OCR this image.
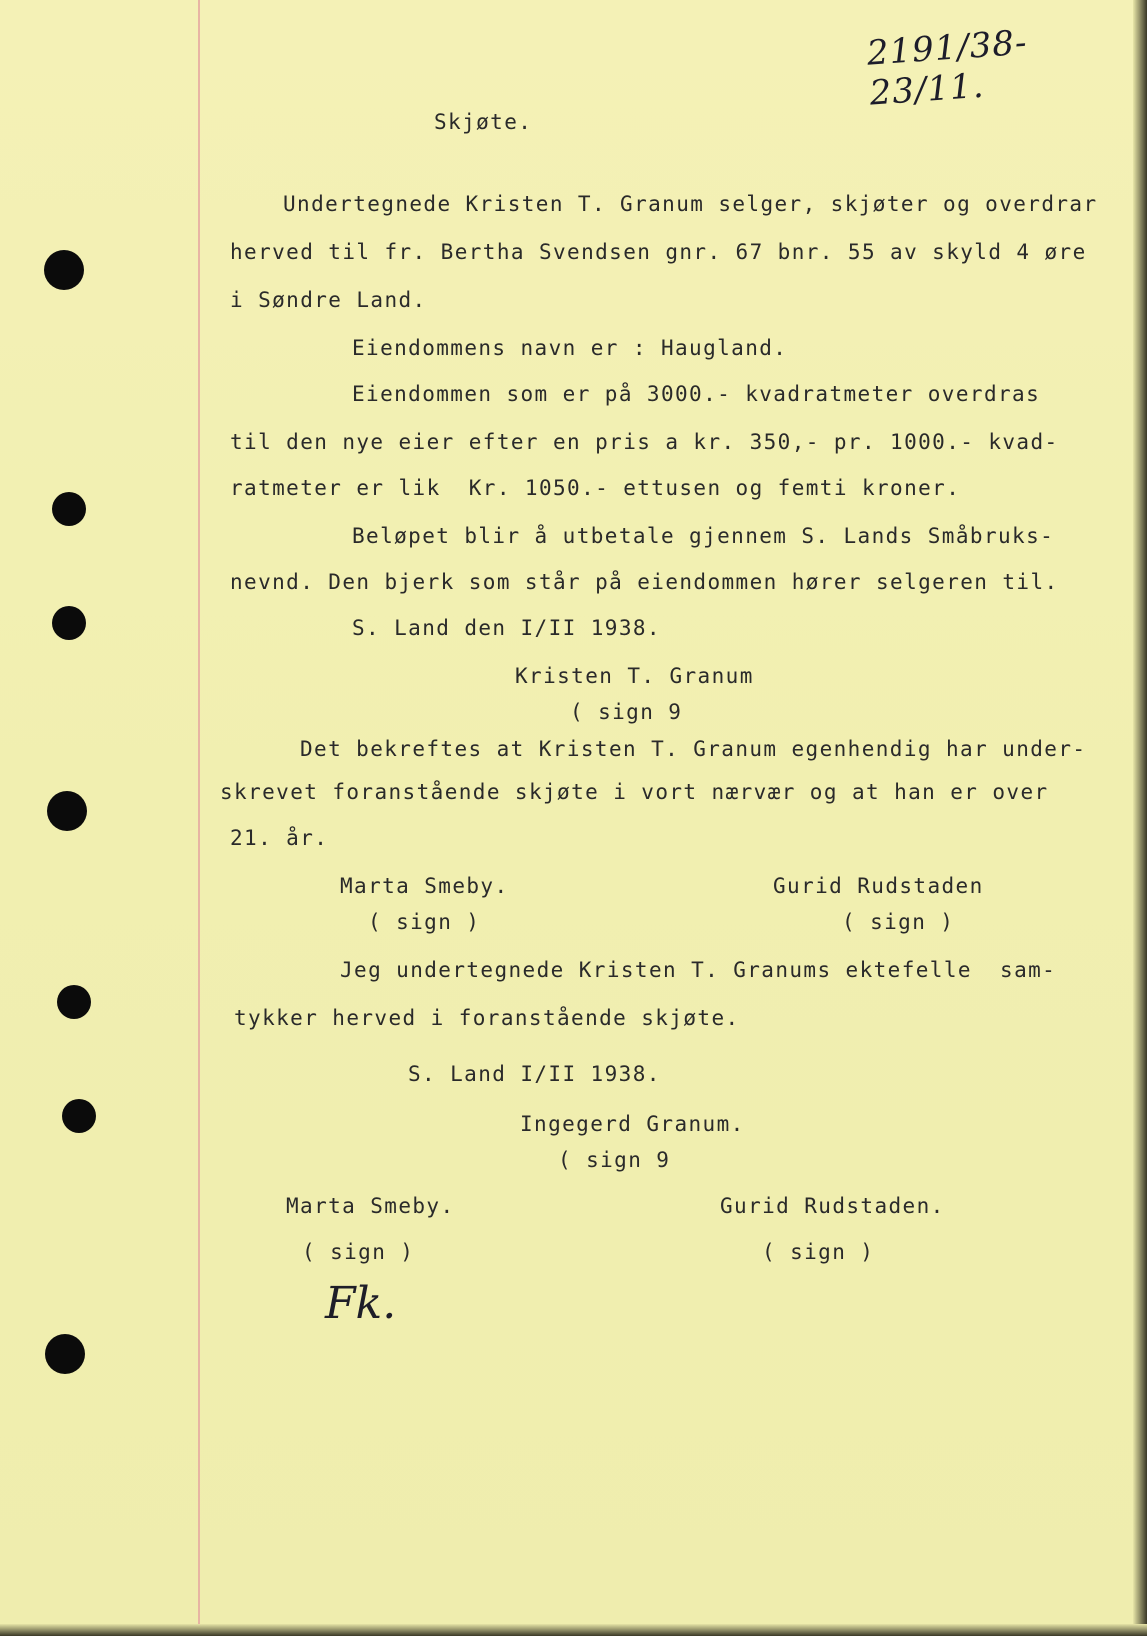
2191/38- 23/11.
Skjøte.
Undertegnede Kristen T. Granum selger, skjøter og overdrar
herved til fr. Bertha Svendsen gnr. 67 bnr. 55 av skyld 4 øre
i Søndre Land.
Eiendommens navn er : Haugland.
Eiendommen som er på 3000.- kvadratmeter overdras
til den nye eier efter en pris a kr. 350,- pr. 1000.- kvad-
ratmeter er lik  Kr. 1050.- ettusen og femti kroner.
Beløpet blir å utbetale gjennem S. Lands Småbruks-
nevnd. Den bjerk som står på eiendommen hører selgeren til.
S. Land den I/II 1938.
Kristen T. Granum
( sign 9
Det bekreftes at Kristen T. Granum egenhendig har under-
skrevet foranstående skjøte i vort nærvær og at han er over
21. år.
Marta Smeby.
( sign )
Gurid Rudstaden
( sign )
Jeg undertegnede Kristen T. Granums ektefelle  sam-
tykker herved i foranstående skjøte.
S. Land I/II 1938.
Ingegerd Granum.
( sign 9
Marta Smeby.
( sign )
Gurid Rudstaden.
( sign )
Fk.
